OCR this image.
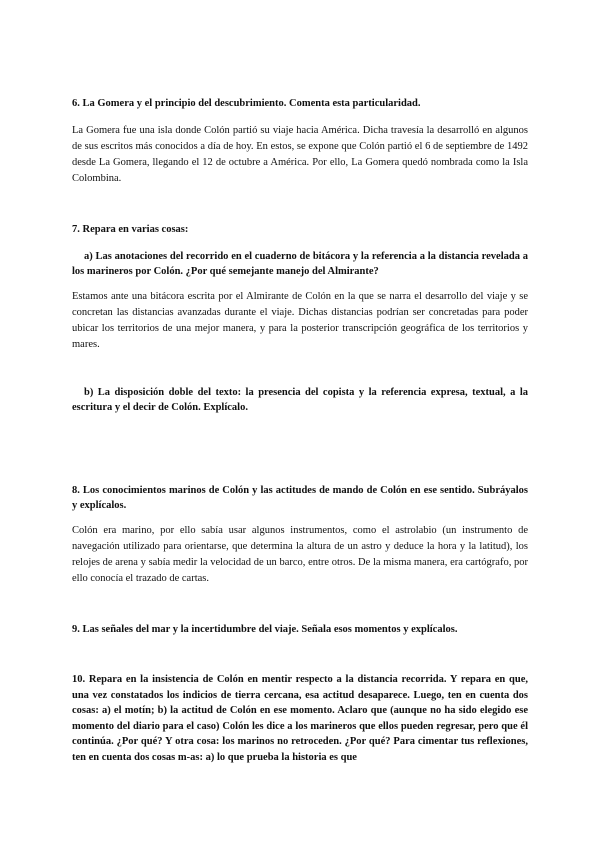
6. La Gomera y el principio del descubrimiento. Comenta esta particularidad.

La Gomera fue una isla donde Colón partió su viaje hacia América. Dicha travesía la desarrolló en algunos de sus escritos más conocidos a día de hoy. En estos, se expone que Colón partió el 6 de septiembre de 1492 desde La Gomera, llegando el 12 de octubre a América. Por ello, La Gomera quedó nombrada como la Isla Colombina.

7. Repara en varias cosas:

a) Las anotaciones del recorrido en el cuaderno de bitácora y la referencia a la distancia revelada a los marineros por Colón. ¿Por qué semejante manejo del Almirante?

Estamos ante una bitácora escrita por el Almirante de Colón en la que se narra el desarrollo del viaje y se concretan las distancias avanzadas durante el viaje. Dichas distancias podrían ser concretadas para poder ubicar los territorios de una mejor manera, y para la posterior transcripción geográfica de los territorios y mares.

b) La disposición doble del texto: la presencia del copista y la referencia expresa, textual, a la escritura y el decir de Colón. Explícalo.

8. Los conocimientos marinos de Colón y las actitudes de mando de Colón en ese sentido. Subráyalos y explícalos.

Colón era marino, por ello sabía usar algunos instrumentos, como el astrolabio (un instrumento de navegación utilizado para orientarse, que determina la altura de un astro y deduce la hora y la latitud), los relojes de arena y sabía medir la velocidad de un barco, entre otros. De la misma manera, era cartógrafo, por ello conocía el trazado de cartas.

9. Las señales del mar y la incertidumbre del viaje. Señala esos momentos y explícalos.

10. Repara en la insistencia de Colón en mentir respecto a la distancia recorrida. Y repara en que, una vez constatados los indicios de tierra cercana, esa actitud desaparece. Luego, ten en cuenta dos cosas: a) el motín; b) la actitud de Colón en ese momento. Aclaro que (aunque no ha sido elegido ese momento del diario para el caso) Colón les dice a los marineros que ellos pueden regresar, pero que él continúa. ¿Por qué? Y otra cosa: los marinos no retroceden. ¿Por qué? Para cimentar tus reflexiones, ten en cuenta dos cosas m-as: a) lo que prueba la historia es que
